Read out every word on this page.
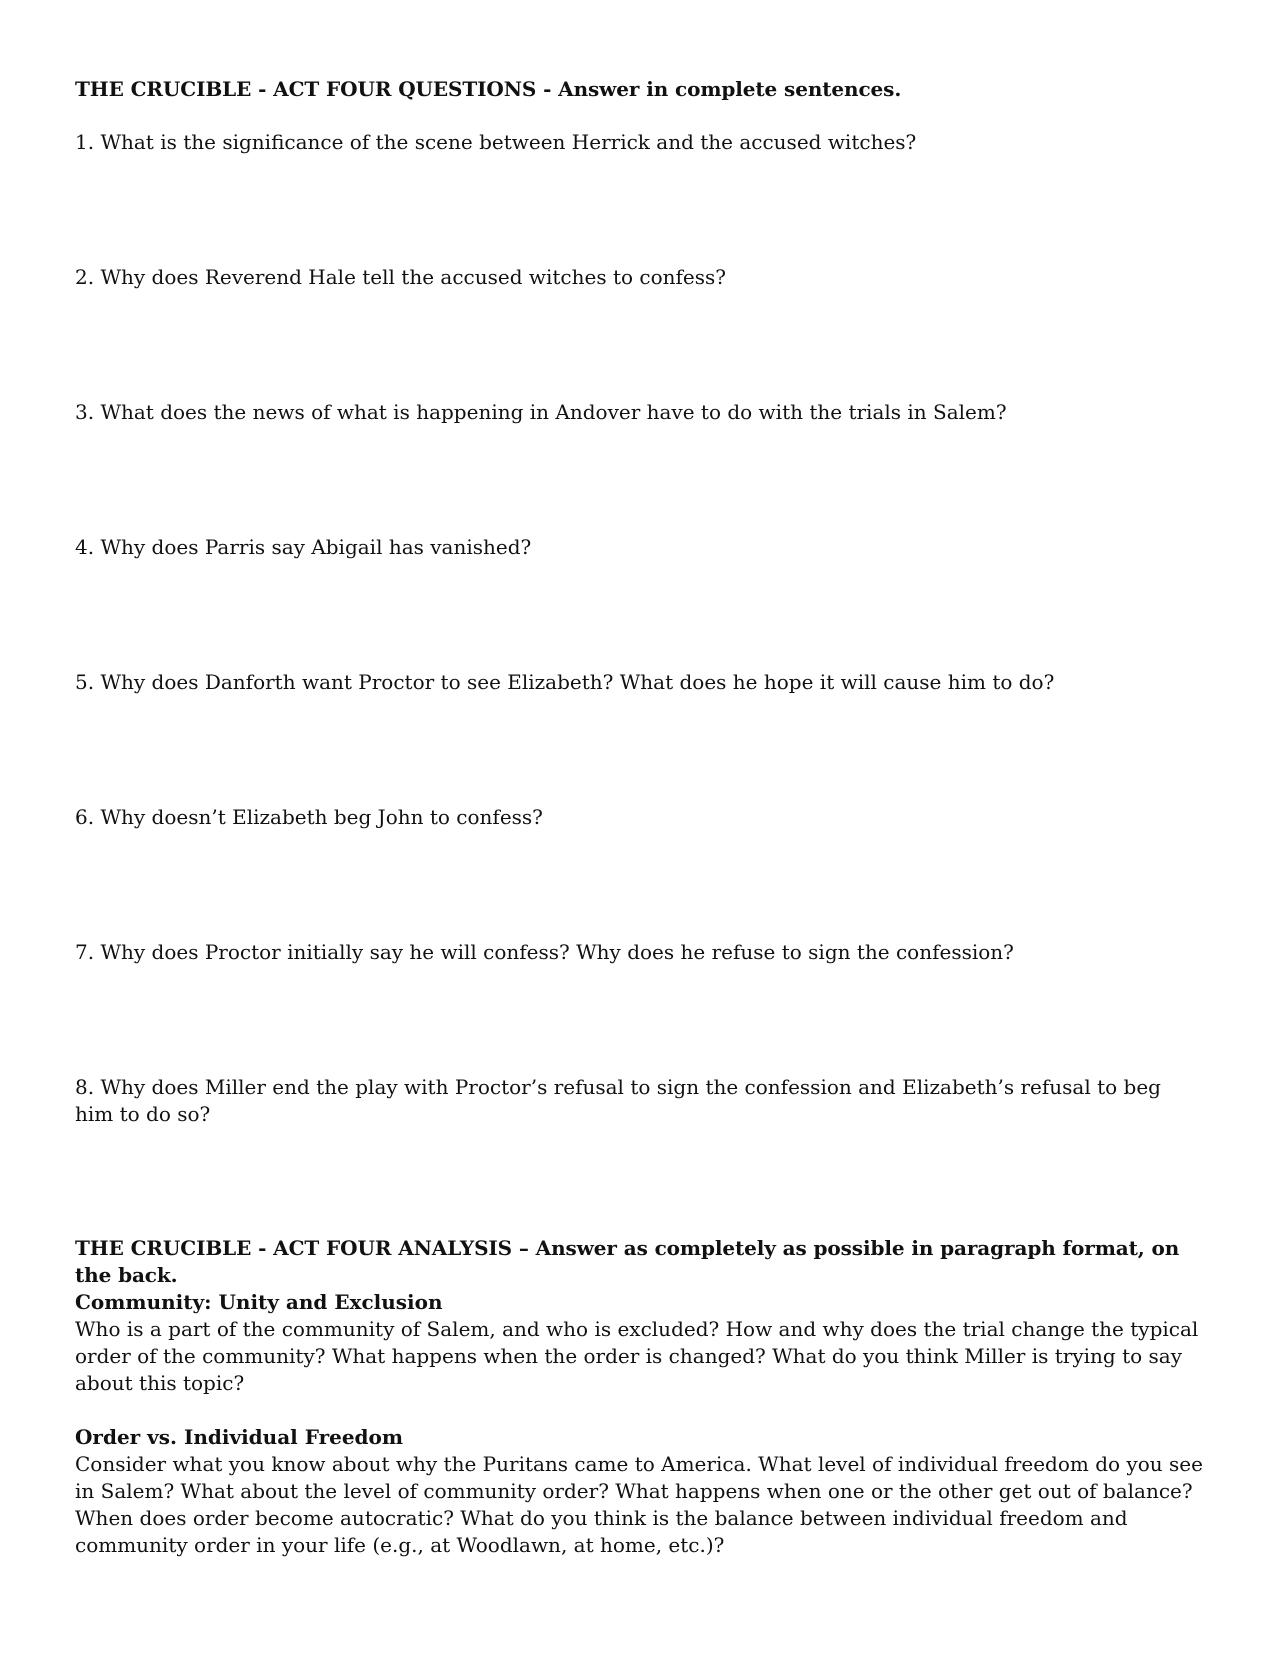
THE CRUCIBLE - ACT FOUR QUESTIONS - Answer in complete sentences.
1. What is the significance of the scene between Herrick and the accused witches?
2. Why does Reverend Hale tell the accused witches to confess?
3. What does the news of what is happening in Andover have to do with the trials in Salem?
4. Why does Parris say Abigail has vanished?
5. Why does Danforth want Proctor to see Elizabeth? What does he hope it will cause him to do?
6. Why doesn’t Elizabeth beg John to confess?
7. Why does Proctor initially say he will confess? Why does he refuse to sign the confession?
8. Why does Miller end the play with Proctor’s refusal to sign the confession and Elizabeth’s refusal to beg him to do so?
THE CRUCIBLE - ACT FOUR ANALYSIS – Answer as completely as possible in paragraph format, on the back.
Community: Unity and Exclusion
Who is a part of the community of Salem, and who is excluded? How and why does the trial change the typical order of the community? What happens when the order is changed? What do you think Miller is trying to say about this topic?
Order vs. Individual Freedom
Consider what you know about why the Puritans came to America. What level of individual freedom do you see in Salem? What about the level of community order? What happens when one or the other get out of balance? When does order become autocratic? What do you think is the balance between individual freedom and community order in your life (e.g., at Woodlawn, at home, etc.)?
